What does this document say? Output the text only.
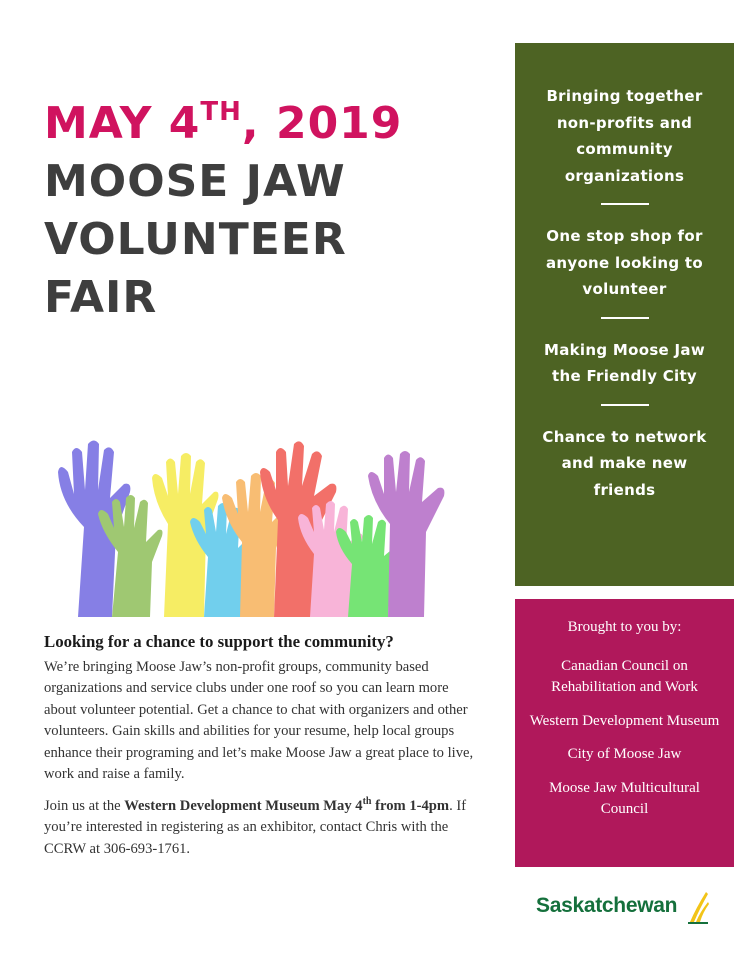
MAY 4TH, 2019
MOOSE JAW
VOLUNTEER
FAIR
Looking for a chance to support the community?

We’re bringing Moose Jaw’s non-profit groups, community based organizations and service clubs under one roof so you can learn more about volunteer potential. Get a chance to chat with organizers and other volunteers. Gain skills and abilities for your resume, help local groups enhance their programing and let’s make Moose Jaw a great place to live, work and raise a family.

Join us at the Western Development Museum May 4th from 1-4pm. If you’re interested in registering as an exhibitor, contact Chris with the CCRW at 306-693-1761.

Bringing together non-profits and community organizations
One stop shop for anyone looking to volunteer
Making Moose Jaw the Friendly City
Chance to network and make new friends
Brought to you by:
Canadian Council on Rehabilitation and Work
Western Development Museum
City of Moose Jaw
Moose Jaw Multicultural Council
Saskatchewan
